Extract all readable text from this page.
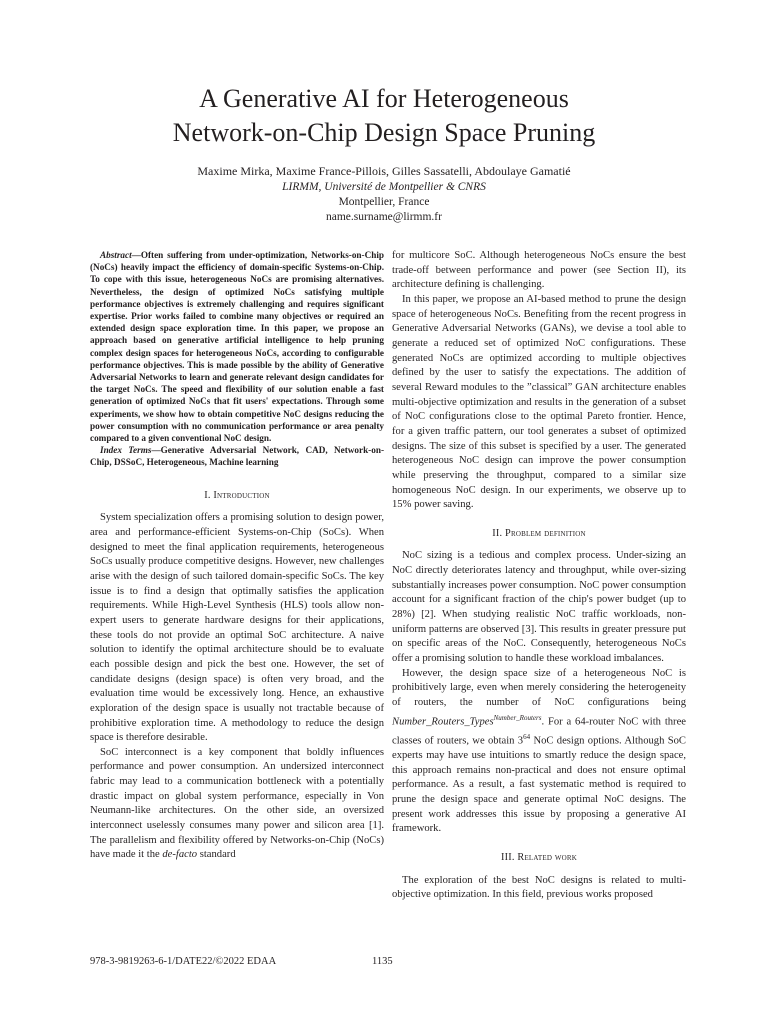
A Generative AI for Heterogeneous
Network-on-Chip Design Space Pruning
Maxime Mirka, Maxime France-Pillois, Gilles Sassatelli, Abdoulaye Gamatié
LIRMM, Université de Montpellier & CNRS
Montpellier, France
name.surname@lirmm.fr

Abstract—Often suffering from under-optimization, Networks-on-Chip (NoCs) heavily impact the efficiency of domain-specific Systems-on-Chip. To cope with this issue, heterogeneous NoCs are promising alternatives. Nevertheless, the design of optimized NoCs satisfying multiple performance objectives is extremely challenging and requires significant expertise. Prior works failed to combine many objectives or required an extended design space exploration time. In this paper, we propose an approach based on generative artificial intelligence to help pruning complex design spaces for heterogeneous NoCs, according to configurable performance objectives. This is made possible by the ability of Generative Adversarial Networks to learn and generate relevant design candidates for the target NoCs. The speed and flexibility of our solution enable a fast generation of optimized NoCs that fit users' expectations. Through some experiments, we show how to obtain competitive NoC designs reducing the power consumption with no communication performance or area penalty compared to a given conventional NoC design.

Index Terms—Generative Adversarial Network, CAD, Network-on-Chip, DSSoC, Heterogeneous, Machine learning

I. Introduction

System specialization offers a promising solution to design power, area and performance-efficient Systems-on-Chip (SoCs). When designed to meet the final application requirements, heterogeneous SoCs usually produce competitive designs. However, new challenges arise with the design of such tailored domain-specific SoCs. The key issue is to find a design that optimally satisfies the application requirements. While High-Level Synthesis (HLS) tools allow non-expert users to generate hardware designs for their applications, these tools do not provide an optimal SoC architecture. A naive solution to identify the optimal architecture should be to evaluate each possible design and pick the best one. However, the set of candidate designs (design space) is often very broad, and the evaluation time would be excessively long. Hence, an exhaustive exploration of the design space is usually not tractable because of prohibitive exploration time. A methodology to reduce the design space is therefore desirable.

SoC interconnect is a key component that boldly influences performance and power consumption. An undersized interconnect fabric may lead to a communication bottleneck with a potentially drastic impact on global system performance, especially in Von Neumann-like architectures. On the other side, an oversized interconnect uselessly consumes many power and silicon area [1]. The parallelism and flexibility offered by Networks-on-Chip (NoCs) have made it the de-facto standard

for multicore SoC. Although heterogeneous NoCs ensure the best trade-off between performance and power (see Section II), its architecture defining is challenging.

In this paper, we propose an AI-based method to prune the design space of heterogeneous NoCs. Benefiting from the recent progress in Generative Adversarial Networks (GANs), we devise a tool able to generate a reduced set of optimized NoC configurations. These generated NoCs are optimized according to multiple objectives defined by the user to satisfy the expectations. The addition of several Reward modules to the ”classical” GAN architecture enables multi-objective optimization and results in the generation of a subset of NoC configurations close to the optimal Pareto frontier. Hence, for a given traffic pattern, our tool generates a subset of optimized designs. The size of this subset is specified by a user. The generated heterogeneous NoC design can improve the power consumption while preserving the throughput, compared to a similar size homogeneous NoC design. In our experiments, we observe up to 15% power saving.

II. Problem definition

NoC sizing is a tedious and complex process. Under-sizing an NoC directly deteriorates latency and throughput, while over-sizing substantially increases power consumption. NoC power consumption account for a significant fraction of the chip's power budget (up to 28%) [2]. When studying realistic NoC traffic workloads, non-uniform patterns are observed [3]. This results in greater pressure put on specific areas of the NoC. Consequently, heterogeneous NoCs offer a promising solution to handle these workload imbalances.

However, the design space size of a heterogeneous NoC is prohibitively large, even when merely considering the heterogeneity of routers, the number of NoC configurations being Number_Routers_Types$^{Number\_Routers}$. For a 64-router NoC with three classes of routers, we obtain $3^{64}$ NoC design options. Although SoC experts may have use intuitions to smartly reduce the design space, this approach remains non-practical and does not ensure optimal performance. As a result, a fast systematic method is required to prune the design space and generate optimal NoC designs. The present work addresses this issue by proposing a generative AI framework.

III. Related work

The exploration of the best NoC designs is related to multi-objective optimization. In this field, previous works proposed

978-3-9819263-6-1/DATE22/©2022 EDAA	1135
